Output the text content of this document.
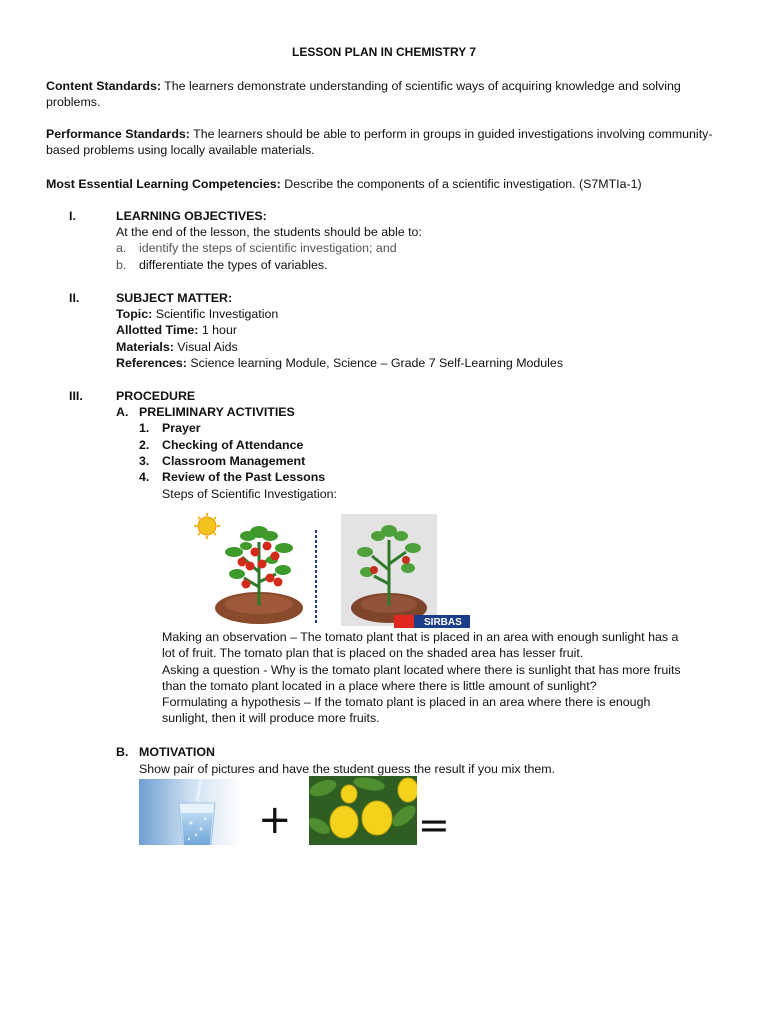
LESSON PLAN IN CHEMISTRY 7
Content Standards: The learners demonstrate understanding of scientific ways of acquiring knowledge and solving problems.
Performance Standards: The learners should be able to perform in groups in guided investigations involving community- based problems using locally available materials.
Most Essential Learning Competencies: Describe the components of a scientific investigation. (S7MTIa-1)
I.	LEARNING OBJECTIVES:
At the end of the lesson, the students should be able to:
a. identify the steps of scientific investigation; and
b. differentiate the types of variables.
II.	SUBJECT MATTER:
Topic: Scientific Investigation
Allotted Time: 1 hour
Materials: Visual Aids
References: Science learning Module, Science – Grade 7 Self-Learning Modules
III.	PROCEDURE
A. PRELIMINARY ACTIVITIES
1. Prayer
2. Checking of Attendance
3. Classroom Management
4. Review of the Past Lessons
Steps of Scientific Investigation:
SIRBAS
Making an observation – The tomato plant that is placed in an area with enough sunlight has a
lot of fruit. The tomato plan that is placed on the shaded area has lesser fruit.
Asking a question - Why is the tomato plant located where there is sunlight that has more fruits
than the tomato plant located in a place where there is little amount of sunlight?
Formulating a hypothesis – If the tomato plant is placed in an area where there is enough
sunlight, then it will produce more fruits.
B. MOTIVATION
Show pair of pictures and have the student guess the result if you mix them.
+	=
